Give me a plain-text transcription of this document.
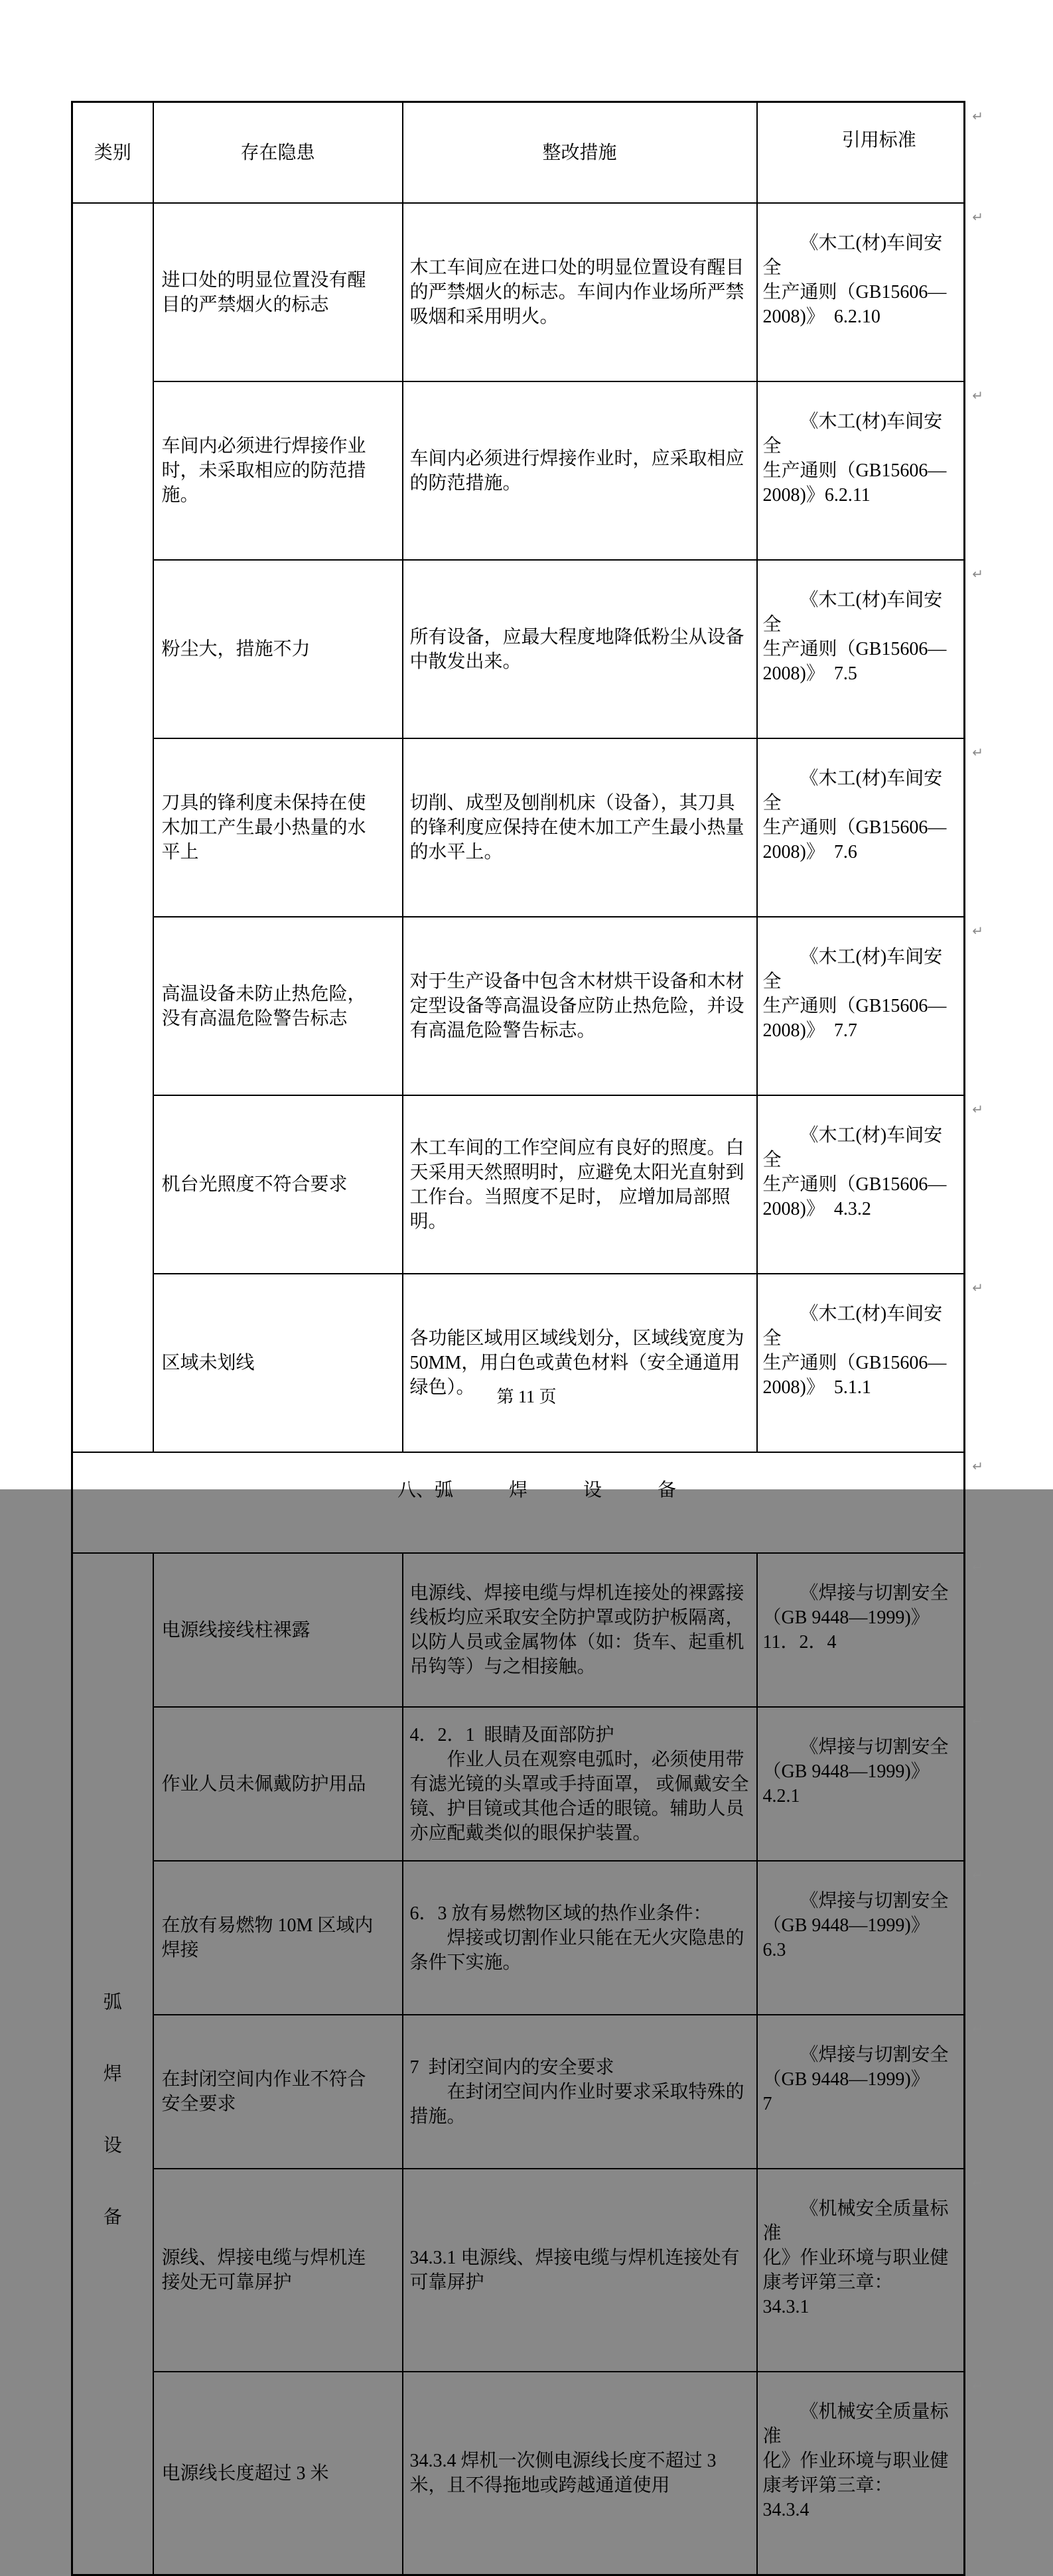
类别	存在隐患	整改措施	引用标准

↵

	进口处的明显位置没有醒目的严禁烟火的标志	木工车间应在进口处的明显位置设有醒目的严禁烟火的标志。车间内作业场所严禁吸烟和采用明火。	《木工(材)车间安全
生产通则（GB15606—
2008)》  6.2.10

↵

	车间内必须进行焊接作业时，未采取相应的防范措施。	车间内必须进行焊接作业时，应采取相应的防范措施。	《木工(材)车间安全
生产通则（GB15606—
2008)》6.2.11

↵

	粉尘大，措施不力	所有设备，应最大程度地降低粉尘从设备中散发出来。	《木工(材)车间安全
生产通则（GB15606—
2008)》  7.5

↵

	刀具的锋利度未保持在使木加工产生最小热量的水平上	切削、成型及刨削机床（设备），其刀具的锋利度应保持在使木加工产生最小热量的水平上。	《木工(材)车间安全
生产通则（GB15606—
2008)》  7.6

↵

	高温设备未防止热危险，没有高温危险警告标志	对于生产设备中包含木材烘干设备和木材定型设备等高温设备应防止热危险，并设有高温危险警告标志。	《木工(材)车间安全
生产通则（GB15606—
2008)》  7.7

↵

	机台光照度不符合要求	木工车间的工作空间应有良好的照度。白天采用天然照明时，应避免太阳光直射到工作台。当照度不足时， 应增加局部照明。	《木工(材)车间安全
生产通则（GB15606—
2008)》  4.3.2

↵

	区域未划线	各功能区域用区域线划分，区域线宽度为50MM，用白色或黄色材料（安全通道用绿色）。	《木工(材)车间安全
生产通则（GB15606—
2008)》  5.1.1

↵

八、弧　　　焊　　　设　　　备

↵			

弧
焊
设
备	电源线接线柱裸露	电源线、焊接电缆与焊机连接处的裸露接线板均应采取安全防护罩或防护板隔离，以防人员或金属物体（如：货车、起重机吊钩等）与之相接触。	《焊接与切割安全
（GB 9448—1999)》
11．2．4

↵

	作业人员未佩戴防护用品	4．2．1  眼睛及面部防护
　　作业人员在观察电弧时，必须使用带有滤光镜的头罩或手持面罩， 或佩戴安全镜、护目镜或其他合适的眼镜。辅助人员亦应配戴类似的眼保护装置。	《焊接与切割安全
（GB 9448—1999)》
4.2.1

↵

	在放有易燃物 10M 区域内焊接	6．3 放有易燃物区域的热作业条件：
　　焊接或切割作业只能在无火灾隐患的条件下实施。	《焊接与切割安全
（GB 9448—1999)》
6.3

↵

	在封闭空间内作业不符合安全要求	7  封闭空间内的安全要求
　　在封闭空间内作业时要求采取特殊的措施。	《焊接与切割安全
（GB 9448—1999)》
7

↵

	源线、焊接电缆与焊机连接处无可靠屏护	34.3.1 电源线、焊接电缆与焊机连接处有可靠屏护	《机械安全质量标准
化》作业环境与职业健
康考评第三章：
34.3.1

↵

	电源线长度超过 3 米	34.3.4 焊机一次侧电源线长度不超过 3 米，且不得拖地或跨越通道使用	《机械安全质量标准
化》作业环境与职业健
康考评第三章：
34.3.4

↵

第 11 页
